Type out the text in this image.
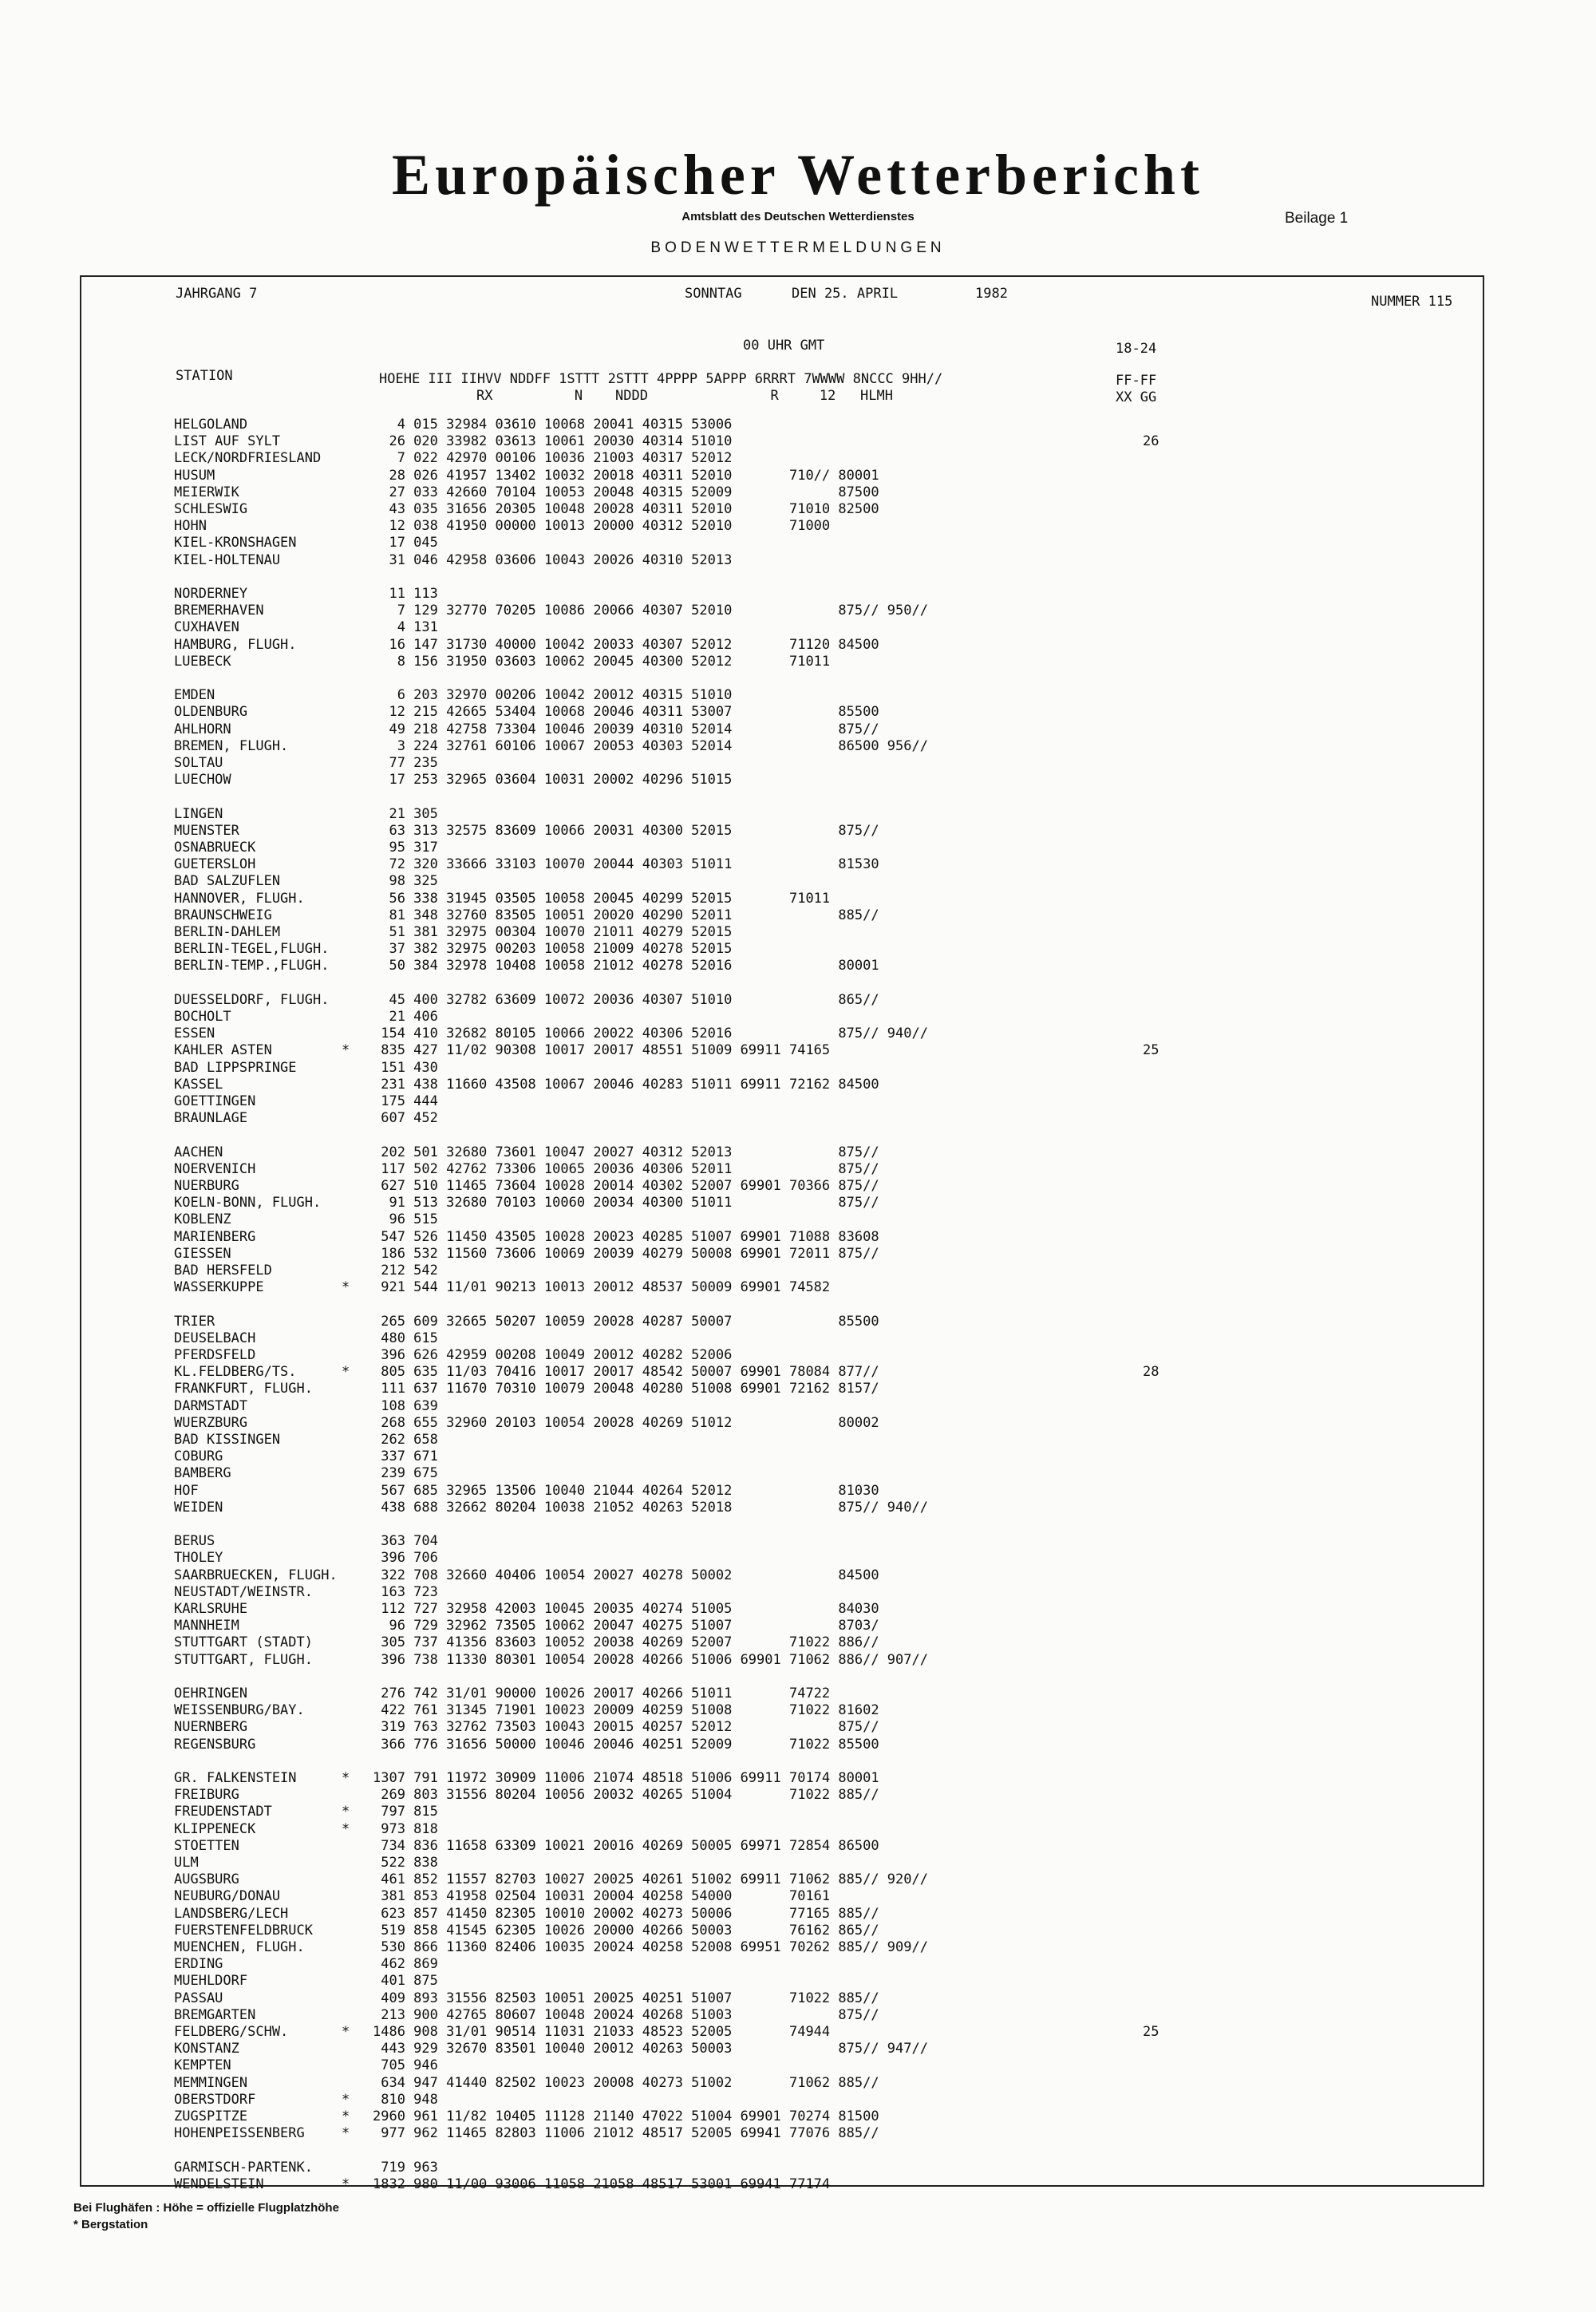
Europäischer Wetterbericht
Amtsblatt des Deutschen Wetterdienstes	Beilage 1
BODENWETTERMELDUNGEN
JAHRGANG 7	SONNTAG	DEN 25. APRIL	1982	NUMMER 115
00 UHR GMT	18-24
STATION	HOEHE III IIHVV NDDFF 1STTT 2STTT 4PPPP 5APPP 6RRRT 7WWWW 8NCCC 9HH//
RX          N    NDDD               R     12   HLMH
FF-FF
XX GG
HELGOLAND	4 015 32984 03610 10068 20041 40315 53006
LIST AUF SYLT	26 020 33982 03613 10061 20030 40314 51010	26
LECK/NORDFRIESLAND	7 022 42970 00106 10036 21003 40317 52012
HUSUM	28 026 41957 13402 10032 20018 40311 52010       710// 80001
MEIERWIK	27 033 42660 70104 10053 20048 40315 52009             87500
SCHLESWIG	43 035 31656 20305 10048 20028 40311 52010       71010 82500
HOHN	12 038 41950 00000 10013 20000 40312 52010       71000
KIEL-KRONSHAGEN	17 045
KIEL-HOLTENAU	31 046 42958 03606 10043 20026 40310 52013
NORDERNEY	11 113
BREMERHAVEN	7 129 32770 70205 10086 20066 40307 52010             875// 950//
CUXHAVEN	4 131
HAMBURG, FLUGH.	16 147 31730 40000 10042 20033 40307 52012       71120 84500
LUEBECK	8 156 31950 03603 10062 20045 40300 52012       71011
EMDEN	6 203 32970 00206 10042 20012 40315 51010
OLDENBURG	12 215 42665 53404 10068 20046 40311 53007             85500
AHLHORN	49 218 42758 73304 10046 20039 40310 52014             875//
BREMEN, FLUGH.	3 224 32761 60106 10067 20053 40303 52014             86500 956//
SOLTAU	77 235
LUECHOW	17 253 32965 03604 10031 20002 40296 51015
LINGEN	21 305
MUENSTER	63 313 32575 83609 10066 20031 40300 52015             875//
OSNABRUECK	95 317
GUETERSLOH	72 320 33666 33103 10070 20044 40303 51011             81530
BAD SALZUFLEN	98 325
HANNOVER, FLUGH.	56 338 31945 03505 10058 20045 40299 52015       71011
BRAUNSCHWEIG	81 348 32760 83505 10051 20020 40290 52011             885//
BERLIN-DAHLEM	51 381 32975 00304 10070 21011 40279 52015
BERLIN-TEGEL,FLUGH.	37 382 32975 00203 10058 21009 40278 52015
BERLIN-TEMP.,FLUGH.	50 384 32978 10408 10058 21012 40278 52016             80001
DUESSELDORF, FLUGH.	45 400 32782 63609 10072 20036 40307 51010             865//
BOCHOLT	21 406
ESSEN	154 410 32682 80105 10066 20022 40306 52016             875// 940//
KAHLER ASTEN	* 835 427 11/02 90308 10017 20017 48551 51009 69911 74165	25
BAD LIPPSPRINGE	151 430
KASSEL	231 438 11660 43508 10067 20046 40283 51011 69911 72162 84500
GOETTINGEN	175 444
BRAUNLAGE	607 452
AACHEN	202 501 32680 73601 10047 20027 40312 52013             875//
NOERVENICH	117 502 42762 73306 10065 20036 40306 52011             875//
NUERBURG	627 510 11465 73604 10028 20014 40302 52007 69901 70366 875//
KOELN-BONN, FLUGH.	91 513 32680 70103 10060 20034 40300 51011             875//
KOBLENZ	96 515
MARIENBERG	547 526 11450 43505 10028 20023 40285 51007 69901 71088 83608
GIESSEN	186 532 11560 73606 10069 20039 40279 50008 69901 72011 875//
BAD HERSFELD	212 542
WASSERKUPPE	* 921 544 11/01 90213 10013 20012 48537 50009 69901 74582
TRIER	265 609 32665 50207 10059 20028 40287 50007             85500
DEUSELBACH	480 615
PFERDSFELD	396 626 42959 00208 10049 20012 40282 52006
KL.FELDBERG/TS.	* 805 635 11/03 70416 10017 20017 48542 50007 69901 78084 877//	28
FRANKFURT, FLUGH.	111 637 11670 70310 10079 20048 40280 51008 69901 72162 8157/
DARMSTADT	108 639
WUERZBURG	268 655 32960 20103 10054 20028 40269 51012             80002
BAD KISSINGEN	262 658
COBURG	337 671
BAMBERG	239 675
HOF	567 685 32965 13506 10040 21044 40264 52012             81030
WEIDEN	438 688 32662 80204 10038 21052 40263 52018             875// 940//
BERUS	363 704
THOLEY	396 706
SAARBRUECKEN, FLUGH.	322 708 32660 40406 10054 20027 40278 50002             84500
NEUSTADT/WEINSTR.	163 723
KARLSRUHE	112 727 32958 42003 10045 20035 40274 51005             84030
MANNHEIM	96 729 32962 73505 10062 20047 40275 51007             8703/
STUTTGART (STADT)	305 737 41356 83603 10052 20038 40269 52007       71022 886//
STUTTGART, FLUGH.	396 738 11330 80301 10054 20028 40266 51006 69901 71062 886// 907//
OEHRINGEN	276 742 31/01 90000 10026 20017 40266 51011       74722
WEISSENBURG/BAY.	422 761 31345 71901 10023 20009 40259 51008       71022 81602
NUERNBERG	319 763 32762 73503 10043 20015 40257 52012             875//
REGENSBURG	366 776 31656 50000 10046 20046 40251 52009       71022 85500
GR. FALKENSTEIN	* 1307 791 11972 30909 11006 21074 48518 51006 69911 70174 80001
FREIBURG	269 803 31556 80204 10056 20032 40265 51004       71022 885//
FREUDENSTADT	* 797 815
KLIPPENECK	* 973 818
STOETTEN	734 836 11658 63309 10021 20016 40269 50005 69971 72854 86500
ULM	522 838
AUGSBURG	461 852 11557 82703 10027 20025 40261 51002 69911 71062 885// 920//
NEUBURG/DONAU	381 853 41958 02504 10031 20004 40258 54000       70161
LANDSBERG/LECH	623 857 41450 82305 10010 20002 40273 50006       77165 885//
FUERSTENFELDBRUCK	519 858 41545 62305 10026 20000 40266 50003       76162 865//
MUENCHEN, FLUGH.	530 866 11360 82406 10035 20024 40258 52008 69951 70262 885// 909//
ERDING	462 869
MUEHLDORF	401 875
PASSAU	409 893 31556 82503 10051 20025 40251 51007       71022 885//
BREMGARTEN	213 900 42765 80607 10048 20024 40268 51003             875//
FELDBERG/SCHW.	* 1486 908 31/01 90514 11031 21033 48523 52005       74944	25
KONSTANZ	443 929 32670 83501 10040 20012 40263 50003             875// 947//
KEMPTEN	705 946
MEMMINGEN	634 947 41440 82502 10023 20008 40273 51002       71062 885//
OBERSTDORF	* 810 948
ZUGSPITZE	* 2960 961 11/82 10405 11128 21140 47022 51004 69901 70274 81500
HOHENPEISSENBERG	* 977 962 11465 82803 11006 21012 48517 52005 69941 77076 885//
GARMISCH-PARTENK.	719 963
WENDELSTEIN	* 1832 980 11/00 93006 11058 21058 48517 53001 69941 77174
Bei Flughäfen : Höhe = offizielle Flugplatzhöhe
* Bergstation
